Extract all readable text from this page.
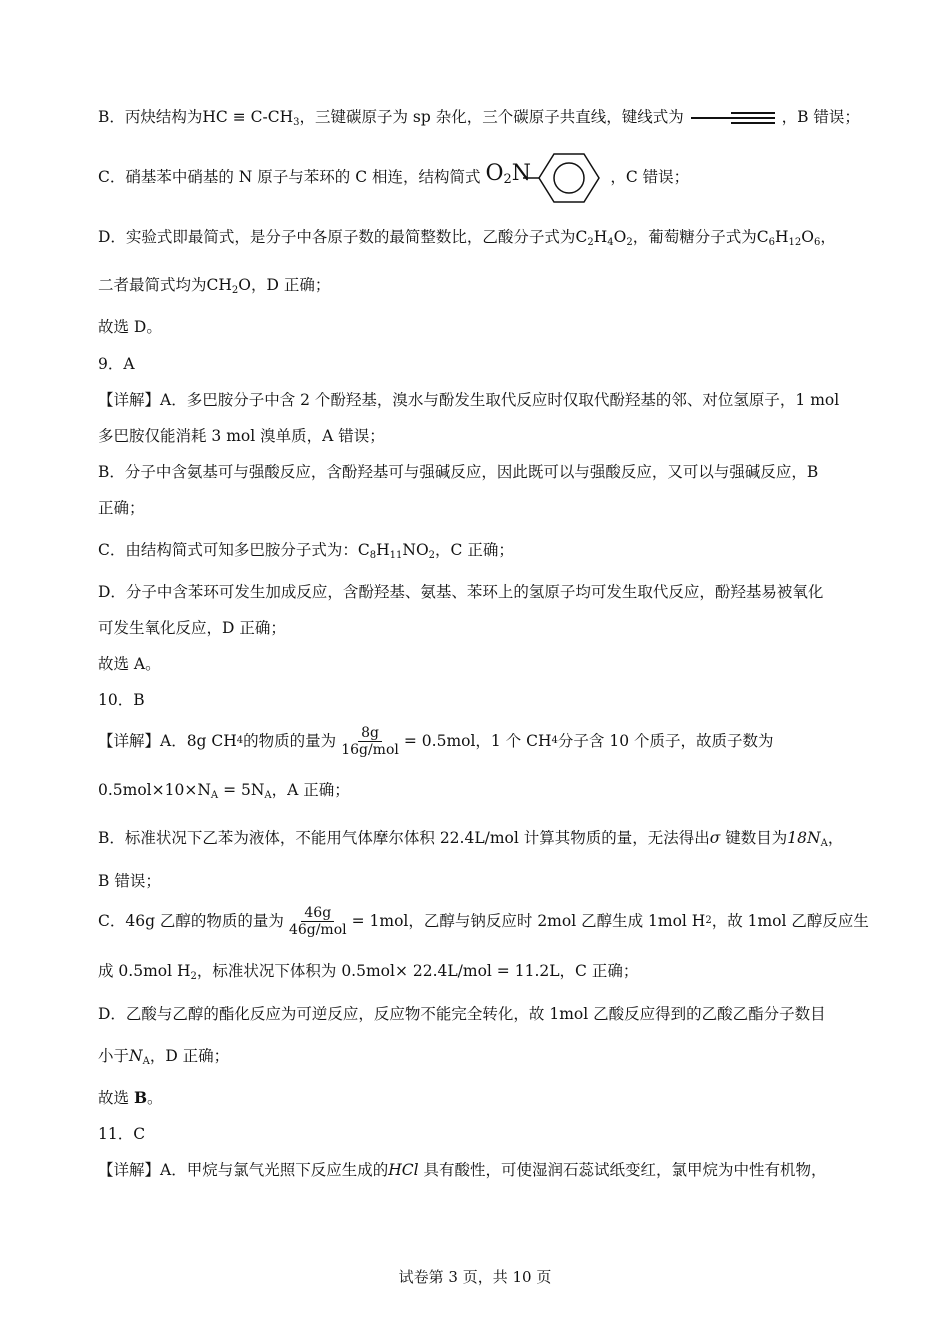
B．丙炔结构为HC ≡ $C-CH_3$，三键碳原子为 sp 杂化，三个碳原子共直线，键线式为	，B 错误；
C．硝基苯中硝基的 N 原子与苯环的 C 相连，结构简式 $O_2N$	，C 错误；
D．实验式即最简式，是分子中各原子数的最简整数比，乙酸分子式为$C_2H_4O_2$，葡萄糖分子式为$C_6H_{12}O_6$，
二者最简式均为$CH_2O$，D 正确；
故选 D。
9．A
【详解】A．多巴胺分子中含 2 个酚羟基，溴水与酚发生取代反应时仅取代酚羟基的邻、对位氢原子，1 mol
多巴胺仅能消耗 3 mol 溴单质，A 错误；
B．分子中含氨基可与强酸反应，含酚羟基可与强碱反应，因此既可以与强酸反应，又可以与强碱反应，B
正确；
C．由结构简式可知多巴胺分子式为：$C_8H_{11}NO_2$，C 正确；
D．分子中含苯环可发生加成反应，含酚羟基、氨基、苯环上的氢原子均可发生取代反应，酚羟基易被氧化
可发生氧化反应，D 正确；
故选 A。
10．B
【详解】A．8g CH 4 的物质的量为 $\frac{8g}{\text{16g/mol}} = 0.5mol$，1 个 CH 4 分子含 10 个质子，故质子数为
$0.5mol\times 10\times N_A = 5N_A$，A 正确；
B．标准状况下乙苯为液体，不能用气体摩尔体积 22.4L/mol 计算其物质的量，无法得出σ 键数目为$18N_A$，
B 错误；
C．46g 乙醇的物质的量为 $\frac{46g}{\text{46g/mol}} = 1mol$，乙醇与钠反应时 2mol 乙醇生成 1mol H 2 ，故 1mol 乙醇反应生
成 0.5mol $H_2$，标准状况下体积为 0.5mol× 22.4L/mol = 11.2L，C 正确；
D．乙酸与乙醇的酯化反应为可逆反应，反应物不能完全转化，故 1mol 乙酸反应得到的乙酸乙酯分子数目
小于$N_A$，D 正确；
故选 B。
11．C
【详解】A．甲烷与氯气光照下反应生成的HCl 具有酸性，可使湿润石蕊试纸变红，氯甲烷为中性有机物，
试卷第 3 页，共 10 页
